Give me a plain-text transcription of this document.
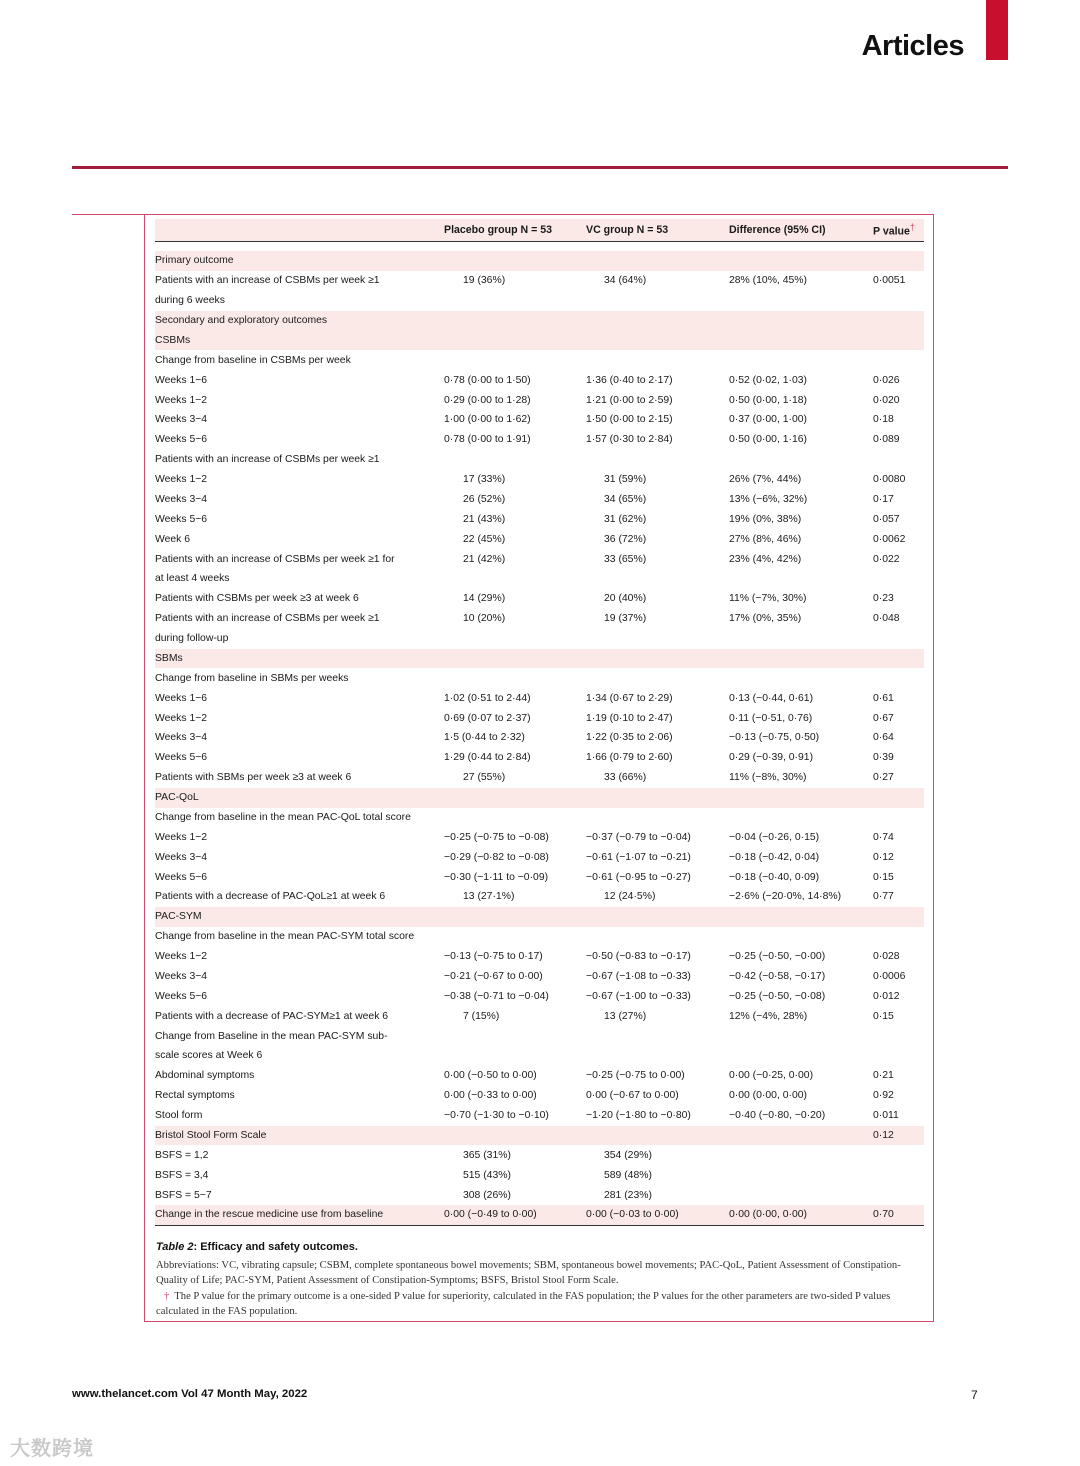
Articles
	Placebo group N = 53	VC group N = 53	Difference (95% CI)	P value†

Primary outcome				
Patients with an increase of CSBMs per week ≥1	19 (36%)	34 (64%)	28% (10%, 45%)	0·0051
during 6 weeks				
Secondary and exploratory outcomes				
CSBMs				
Change from baseline in CSBMs per week				
Weeks 1−6	0·78 (0·00 to 1·50)	1·36 (0·40 to 2·17)	0·52 (0·02, 1·03)	0·026
Weeks 1−2	0·29 (0·00 to 1·28)	1·21 (0·00 to 2·59)	0·50 (0·00, 1·18)	0·020
Weeks 3−4	1·00 (0·00 to 1·62)	1·50 (0·00 to 2·15)	0·37 (0·00, 1·00)	0·18
Weeks 5−6	0·78 (0·00 to 1·91)	1·57 (0·30 to 2·84)	0·50 (0·00, 1·16)	0·089
Patients with an increase of CSBMs per week ≥1				
Weeks 1−2	17 (33%)	31 (59%)	26% (7%, 44%)	0·0080
Weeks 3−4	26 (52%)	34 (65%)	13% (−6%, 32%)	0·17
Weeks 5−6	21 (43%)	31 (62%)	19% (0%, 38%)	0·057
Week 6	22 (45%)	36 (72%)	27% (8%, 46%)	0·0062
Patients with an increase of CSBMs per week ≥1 for	21 (42%)	33 (65%)	23% (4%, 42%)	0·022
at least 4 weeks				
Patients with CSBMs per week ≥3 at week 6	14 (29%)	20 (40%)	11% (−7%, 30%)	0·23
Patients with an increase of CSBMs per week ≥1	10 (20%)	19 (37%)	17% (0%, 35%)	0·048
during follow-up				
SBMs				
Change from baseline in SBMs per weeks				
Weeks 1−6	1·02 (0·51 to 2·44)	1·34 (0·67 to 2·29)	0·13 (−0·44, 0·61)	0·61
Weeks 1−2	0·69 (0·07 to 2·37)	1·19 (0·10 to 2·47)	0·11 (−0·51, 0·76)	0·67
Weeks 3−4	1·5 (0·44 to 2·32)	1·22 (0·35 to 2·06)	−0·13 (−0·75, 0·50)	0·64
Weeks 5−6	1·29 (0·44 to 2·84)	1·66 (0·79 to 2·60)	0·29 (−0·39, 0·91)	0·39
Patients with SBMs per week ≥3 at week 6	27 (55%)	33 (66%)	11% (−8%, 30%)	0·27
PAC-QoL				
Change from baseline in the mean PAC-QoL total score				
Weeks 1−2	−0·25 (−0·75 to −0·08)	−0·37 (−0·79 to −0·04)	−0·04 (−0·26, 0·15)	0·74
Weeks 3−4	−0·29 (−0·82 to −0·08)	−0·61 (−1·07 to −0·21)	−0·18 (−0·42, 0·04)	0·12
Weeks 5−6	−0·30 (−1·11 to −0·09)	−0·61 (−0·95 to −0·27)	−0·18 (−0·40, 0·09)	0·15
Patients with a decrease of PAC-QoL≥1 at week 6	13 (27·1%)	12 (24·5%)	−2·6% (−20·0%, 14·8%)	0·77
PAC-SYM				
Change from baseline in the mean PAC-SYM total score				
Weeks 1−2	−0·13 (−0·75 to 0·17)	−0·50 (−0·83 to −0·17)	−0·25 (−0·50, −0·00)	0·028
Weeks 3−4	−0·21 (−0·67 to 0·00)	−0·67 (−1·08 to −0·33)	−0·42 (−0·58, −0·17)	0·0006
Weeks 5−6	−0·38 (−0·71 to −0·04)	−0·67 (−1·00 to −0·33)	−0·25 (−0·50, −0·08)	0·012
Patients with a decrease of PAC-SYM≥1 at week 6	7 (15%)	13 (27%)	12% (−4%, 28%)	0·15
Change from Baseline in the mean PAC-SYM sub-				
scale scores at Week 6				
Abdominal symptoms	0·00 (−0·50 to 0·00)	−0·25 (−0·75 to 0·00)	0·00 (−0·25, 0·00)	0·21
Rectal symptoms	0·00 (−0·33 to 0·00)	0·00 (−0·67 to 0·00)	0·00 (0·00, 0·00)	0·92
Stool form	−0·70 (−1·30 to −0·10)	−1·20 (−1·80 to −0·80)	−0·40 (−0·80, −0·20)	0·011
Bristol Stool Form Scale				0·12
BSFS = 1,2	365 (31%)	354 (29%)		
BSFS = 3,4	515 (43%)	589 (48%)		
BSFS = 5−7	308 (26%)	281 (23%)		
Change in the rescue medicine use from baseline	0·00 (−0·49 to 0·00)	0·00 (−0·03 to 0·00)	0·00 (0·00, 0·00)	0·70
Table 2: Efficacy and safety outcomes.

Abbreviations: VC, vibrating capsule; CSBM, complete spontaneous bowel movements; SBM, spontaneous bowel movements; PAC-QoL, Patient Assessment of Constipation-Quality of Life; PAC-SYM, Patient Assessment of Constipation-Symptoms; BSFS, Bristol Stool Form Scale.

† The P value for the primary outcome is a one-sided P value for superiority, calculated in the FAS population; the P values for the other parameters are two-sided P values calculated in the FAS population.

www.thelancet.com Vol 47 Month May, 2022	7
大数跨境
